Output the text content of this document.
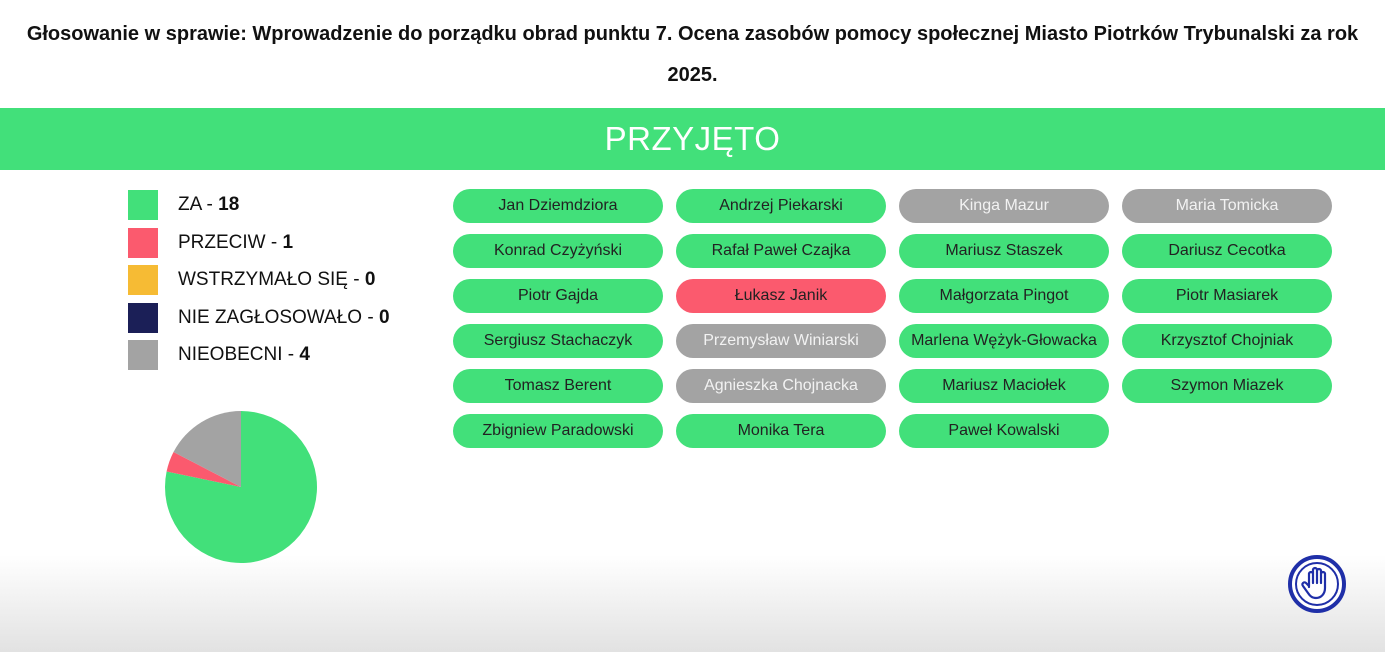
Głosowanie w sprawie: Wprowadzenie do porządku obrad punktu 7. Ocena zasobów pomocy społecznej Miasto Piotrków Trybunalski za rok 2025.
PRZYJĘTO
ZA - 18
PRZECIW - 1
WSTRZYMAŁO SIĘ - 0
NIE ZAGŁOSOWAŁO - 0
NIEOBECNI - 4
Jan Dziemdziora	Andrzej Piekarski	Kinga Mazur	Maria Tomicka
Konrad Czyżyński	Rafał Paweł Czajka	Mariusz Staszek	Dariusz Cecotka
Piotr Gajda	Łukasz Janik	Małgorzata Pingot	Piotr Masiarek
Sergiusz Stachaczyk	Przemysław Winiarski	Marlena Wężyk-Głowacka	Krzysztof Chojniak
Tomasz Berent	Agnieszka Chojnacka	Mariusz Maciołek	Szymon Miazek
Zbigniew Paradowski	Monika Tera	Paweł Kowalski
